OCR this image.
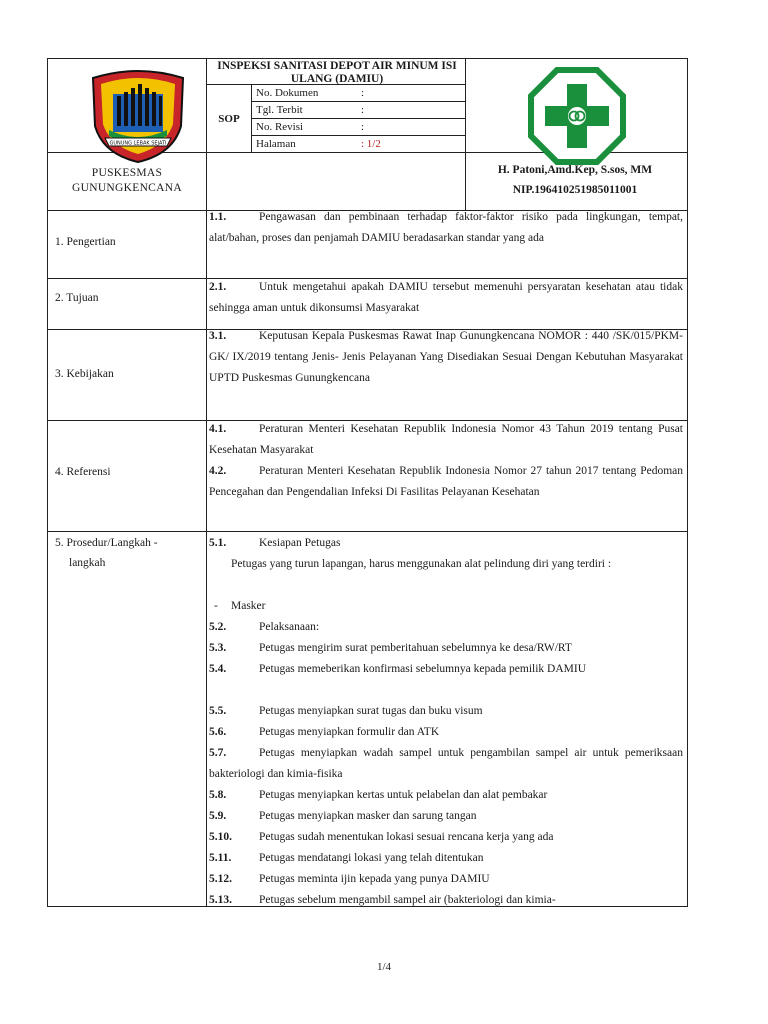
GUNUNG LEBAK SEJATI
INSPEKSI SANITASI DEPOT AIR MINUM ISI ULANG (DAMIU)
SOP
No. Dokumen	:
Tgl. Terbit	:
No. Revisi	:
Halaman	: 1/2
PUSKESMAS
GUNUNGKENCANA
H. Patoni,Amd.Kep, S.sos, MM
NIP.196410251985011001
1. Pengertian
1.1.	Pengawasan dan pembinaan terhadap faktor-faktor risiko pada lingkungan, tempat, alat/bahan, proses dan penjamah DAMIU beradasarkan standar yang ada
2. Tujuan
2.1.	Untuk mengetahui apakah DAMIU tersebut memenuhi persyaratan kesehatan atau tidak sehingga aman untuk dikonsumsi Masyarakat
3. Kebijakan
3.1.	Keputusan Kepala Puskesmas Rawat Inap Gunungkencana NOMOR : 440 /SK/015/PKM-GK/ IX/2019 tentang Jenis- Jenis Pelayanan Yang Disediakan Sesuai Dengan Kebutuhan Masyarakat UPTD Puskesmas Gunungkencana
4. Referensi
4.1.	Peraturan Menteri Kesehatan Republik Indonesia Nomor 43 Tahun 2019 tentang Pusat Kesehatan Masyarakat
4.2.	Peraturan Menteri Kesehatan Republik Indonesia Nomor 27 tahun 2017 tentang Pedoman Pencegahan dan Pengendalian Infeksi Di Fasilitas Pelayanan Kesehatan
5. Prosedur/Langkah -
langkah
5.1.	Kesiapan Petugas
Petugas yang turun lapangan, harus menggunakan alat pelindung diri yang terdiri :
- Masker
5.2.	Pelaksanaan:
5.3.	Petugas mengirim surat pemberitahuan sebelumnya ke desa/RW/RT
5.4.	Petugas memeberikan konfirmasi sebelumnya kepada pemilik DAMIU
5.5.	Petugas menyiapkan surat tugas dan buku visum
5.6.	Petugas menyiapkan formulir dan ATK
5.7.	Petugas menyiapkan wadah sampel untuk pengambilan sampel air untuk pemeriksaan bakteriologi dan kimia-fisika
5.8.	Petugas menyiapkan kertas untuk pelabelan dan alat pembakar
5.9.	Petugas menyiapkan masker dan sarung tangan
5.10. Petugas sudah menentukan lokasi sesuai rencana kerja yang ada
5.11. Petugas mendatangi lokasi yang telah ditentukan
5.12. Petugas meminta ijin kepada yang punya DAMIU
5.13. Petugas sebelum mengambil sampel air (bakteriologi dan kimia-
1/4
